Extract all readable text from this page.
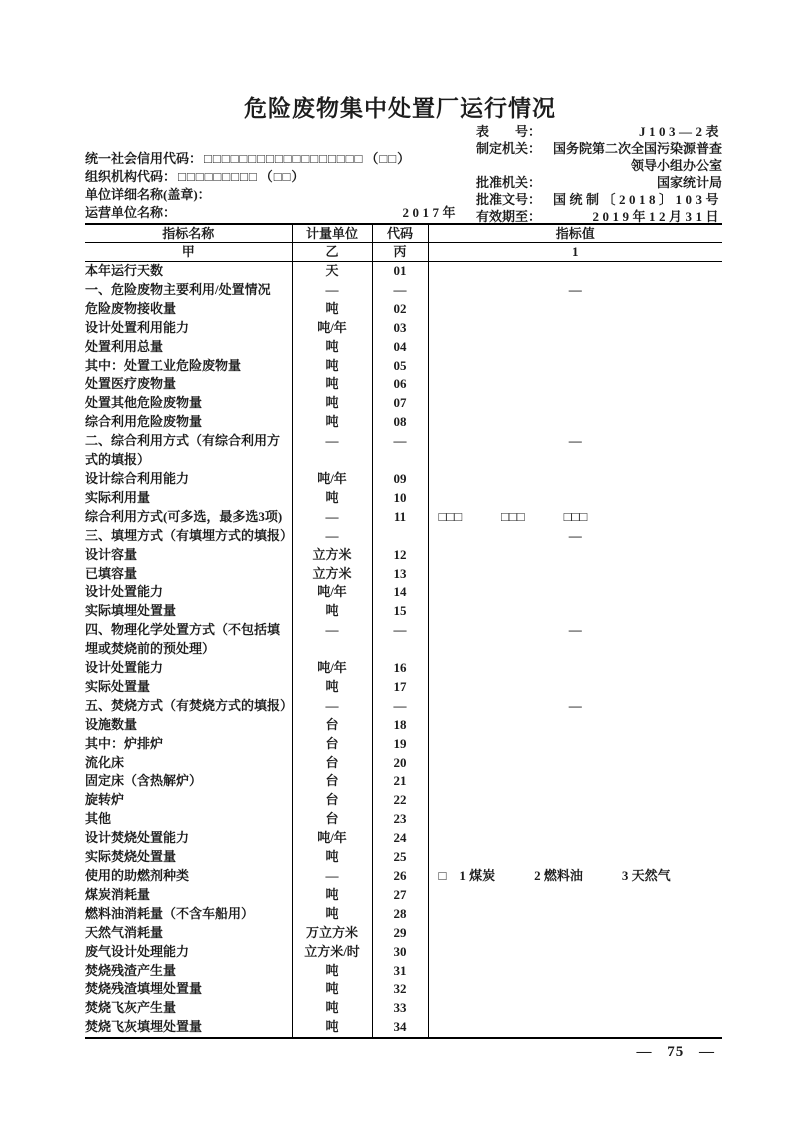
危险废物集中处置厂运行情况
表　　号：	J103—2表
制定机关： 国务院第二次全国污染源普查
领导小组办公室
批准机关：	国家统计局
批准文号： 国统制〔2018〕103号
有效期至：	2019年12月31日
统一社会信用代码： □□□□□□□□□□□□□□□□□□ （□□）
组织机构代码： □□□□□□□□□ （□□）
单位详细名称(盖章)：
运营单位名称：	2017年
指标名称	计量单位	代码	指标值
甲	乙	丙	1
本年运行天数	天	01	
一、危险废物主要利用/处置情况	—	—	—
危险废物接收量	吨	02	
设计处置利用能力	吨/年	03	
处置利用总量	吨	04	
其中：处置工业危险废物量	吨	05	
处置医疗废物量	吨	06	
处置其他危险废物量	吨	07	
综合利用危险废物量	吨	08	
二、综合利用方式（有综合利用方式的填报）	—	—	—
设计综合利用能力	吨/年	09	
实际利用量	吨	10	
综合利用方式(可多选，最多选3项)	—	11	□□□　　　□□□　　　□□□
三、填埋方式（有填埋方式的填报）	—		—
设计容量	立方米	12	
已填容量	立方米	13	
设计处置能力	吨/年	14	
实际填埋处置量	吨	15	
四、物理化学处置方式（不包括填埋或焚烧前的预处理）	—	—	—
设计处置能力	吨/年	16	
实际处置量	吨	17	
五、焚烧方式（有焚烧方式的填报）	—	—	—
设施数量	台	18	
其中：炉排炉	台	19	
流化床	台	20	
固定床（含热解炉）	台	21	
旋转炉	台	22	
其他	台	23	
设计焚烧处置能力	吨/年	24	
实际焚烧处置量	吨	25	
使用的助燃剂种类	—	26	□　1 煤炭　　　2 燃料油　　　3 天然气
煤炭消耗量	吨	27	
燃料油消耗量（不含车船用）	吨	28	
天然气消耗量	万立方米	29	
废气设计处理能力	立方米/时	30	
焚烧残渣产生量	吨	31	
焚烧残渣填埋处置量	吨	32	
焚烧飞灰产生量	吨	33	
焚烧飞灰填埋处置量	吨	34	
— 75 —
